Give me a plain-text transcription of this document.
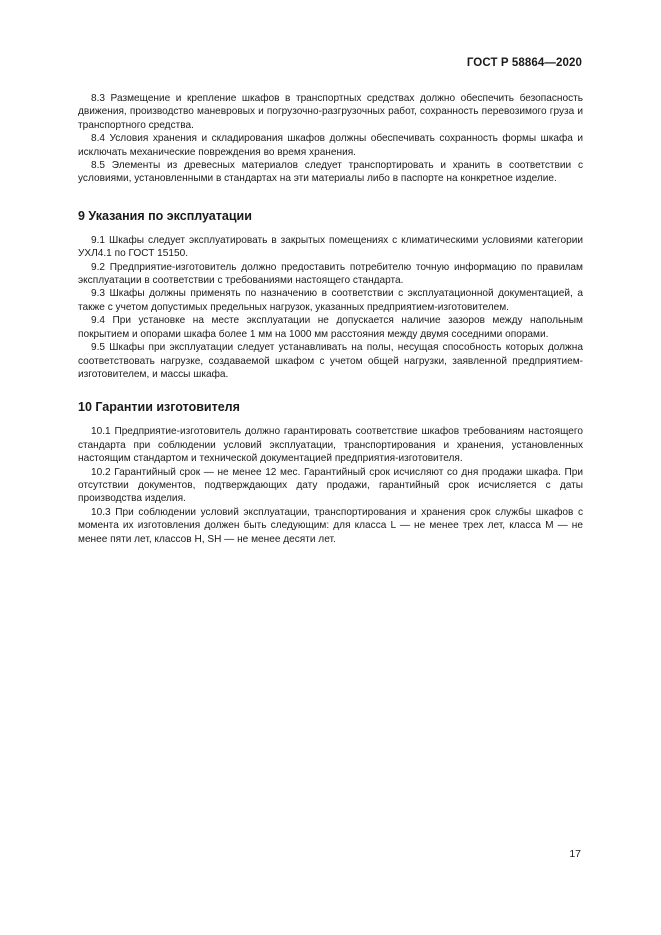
ГОСТ Р 58864—2020

8.3 Размещение и крепление шкафов в транспортных средствах должно обеспечить безопасность движения, производство маневровых и погрузочно-разгрузочных работ, сохранность перевозимого груза и транспортного средства.

8.4 Условия хранения и складирования шкафов должны обеспечивать сохранность формы шкафа и исключать механические повреждения во время хранения.

8.5 Элементы из древесных материалов следует транспортировать и хранить в соответствии с условиями, установленными в стандартах на эти материалы либо в паспорте на конкретное изделие.

9 Указания по эксплуатации

9.1 Шкафы следует эксплуатировать в закрытых помещениях с климатическими условиями категории УХЛ4.1 по ГОСТ 15150.

9.2 Предприятие-изготовитель должно предоставить потребителю точную информацию по правилам эксплуатации в соответствии с требованиями настоящего стандарта.

9.3 Шкафы должны применять по назначению в соответствии с эксплуатационной документацией, а также с учетом допустимых предельных нагрузок, указанных предприятием-изготовителем.

9.4 При установке на месте эксплуатации не допускается наличие зазоров между напольным покрытием и опорами шкафа более 1 мм на 1000 мм расстояния между двумя соседними опорами.

9.5 Шкафы при эксплуатации следует устанавливать на полы, несущая способность которых должна соответствовать нагрузке, создаваемой шкафом с учетом общей нагрузки, заявленной предприятием-изготовителем, и массы шкафа.

10 Гарантии изготовителя

10.1 Предприятие-изготовитель должно гарантировать соответствие шкафов требованиям настоящего стандарта при соблюдении условий эксплуатации, транспортирования и хранения, установленных настоящим стандартом и технической документацией предприятия-изготовителя.

10.2 Гарантийный срок — не менее 12 мес. Гарантийный срок исчисляют со дня продажи шкафа. При отсутствии документов, подтверждающих дату продажи, гарантийный срок исчисляется с даты производства изделия.

10.3 При соблюдении условий эксплуатации, транспортирования и хранения срок службы шкафов с момента их изготовления должен быть следующим: для класса L — не менее трех лет, класса M — не менее пяти лет, классов H, SH — не менее десяти лет.

17
